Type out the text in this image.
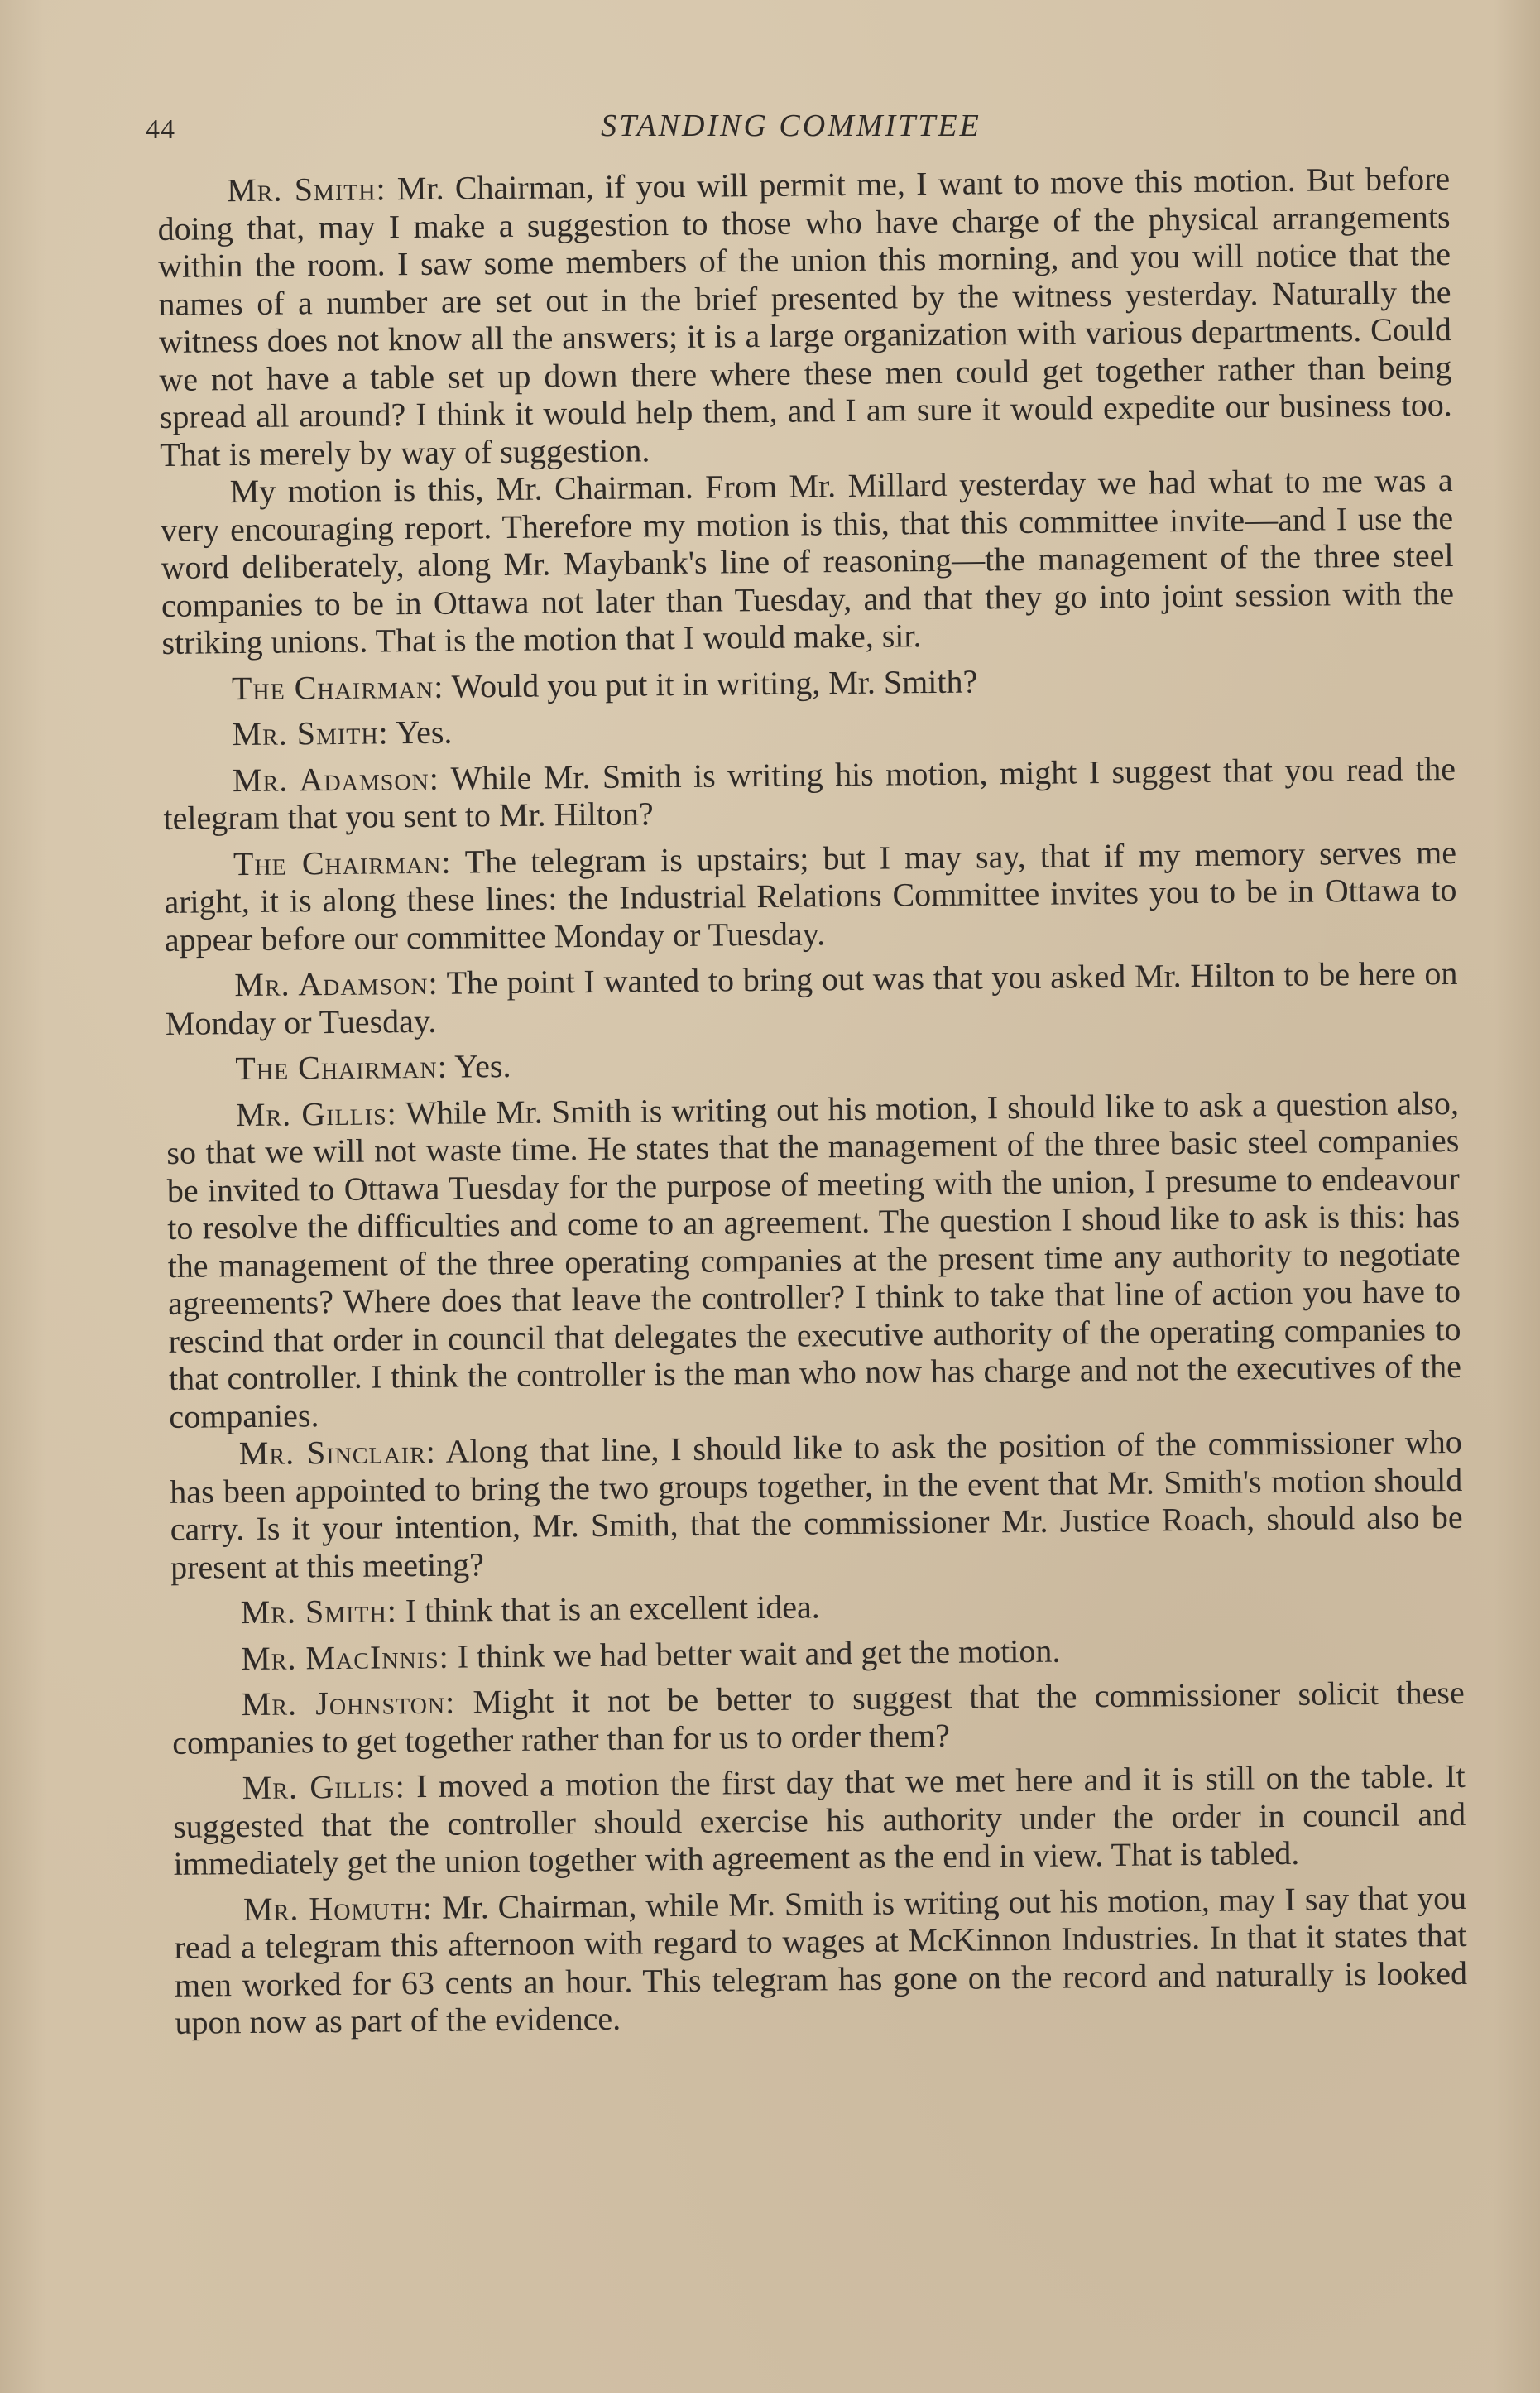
44	STANDING COMMITTEE

Mr. Smith: Mr. Chairman, if you will permit me, I want to move this motion. But before doing that, may I make a suggestion to those who have charge of the physical arrangements within the room. I saw some members of the union this morning, and you will notice that the names of a number are set out in the brief presented by the witness yesterday. Naturally the witness does not know all the answers; it is a large organization with various departments. Could we not have a table set up down there where these men could get together rather than being spread all around? I think it would help them, and I am sure it would expedite our business too. That is merely by way of suggestion.

My motion is this, Mr. Chairman. From Mr. Millard yesterday we had what to me was a very encouraging report. Therefore my motion is this, that this committee invite—and I use the word deliberately, along Mr. Maybank's line of reasoning—the management of the three steel companies to be in Ottawa not later than Tuesday, and that they go into joint session with the striking unions. That is the motion that I would make, sir.

The Chairman: Would you put it in writing, Mr. Smith?

Mr. Smith: Yes.

Mr. Adamson: While Mr. Smith is writing his motion, might I suggest that you read the telegram that you sent to Mr. Hilton?

The Chairman: The telegram is upstairs; but I may say, that if my memory serves me aright, it is along these lines: the Industrial Relations Committee invites you to be in Ottawa to appear before our committee Monday or Tuesday.

Mr. Adamson: The point I wanted to bring out was that you asked Mr. Hilton to be here on Monday or Tuesday.

The Chairman: Yes.

Mr. Gillis: While Mr. Smith is writing out his motion, I should like to ask a question also, so that we will not waste time. He states that the management of the three basic steel companies be invited to Ottawa Tuesday for the purpose of meeting with the union, I presume to endeavour to resolve the difficulties and come to an agreement. The question I shoud like to ask is this: has the management of the three operating companies at the present time any authority to negotiate agreements? Where does that leave the controller? I think to take that line of action you have to rescind that order in council that delegates the executive authority of the operating companies to that controller. I think the controller is the man who now has charge and not the executives of the companies.

Mr. Sinclair: Along that line, I should like to ask the position of the commissioner who has been appointed to bring the two groups together, in the event that Mr. Smith's motion should carry. Is it your intention, Mr. Smith, that the commissioner Mr. Justice Roach, should also be present at this meeting?

Mr. Smith: I think that is an excellent idea.

Mr. MacInnis: I think we had better wait and get the motion.

Mr. Johnston: Might it not be better to suggest that the commissioner solicit these companies to get together rather than for us to order them?

Mr. Gillis: I moved a motion the first day that we met here and it is still on the table. It suggested that the controller should exercise his authority under the order in council and immediately get the union together with agreement as the end in view. That is tabled.

Mr. Homuth: Mr. Chairman, while Mr. Smith is writing out his motion, may I say that you read a telegram this afternoon with regard to wages at McKinnon Industries. In that it states that men worked for 63 cents an hour. This telegram has gone on the record and naturally is looked upon now as part of the evidence.
